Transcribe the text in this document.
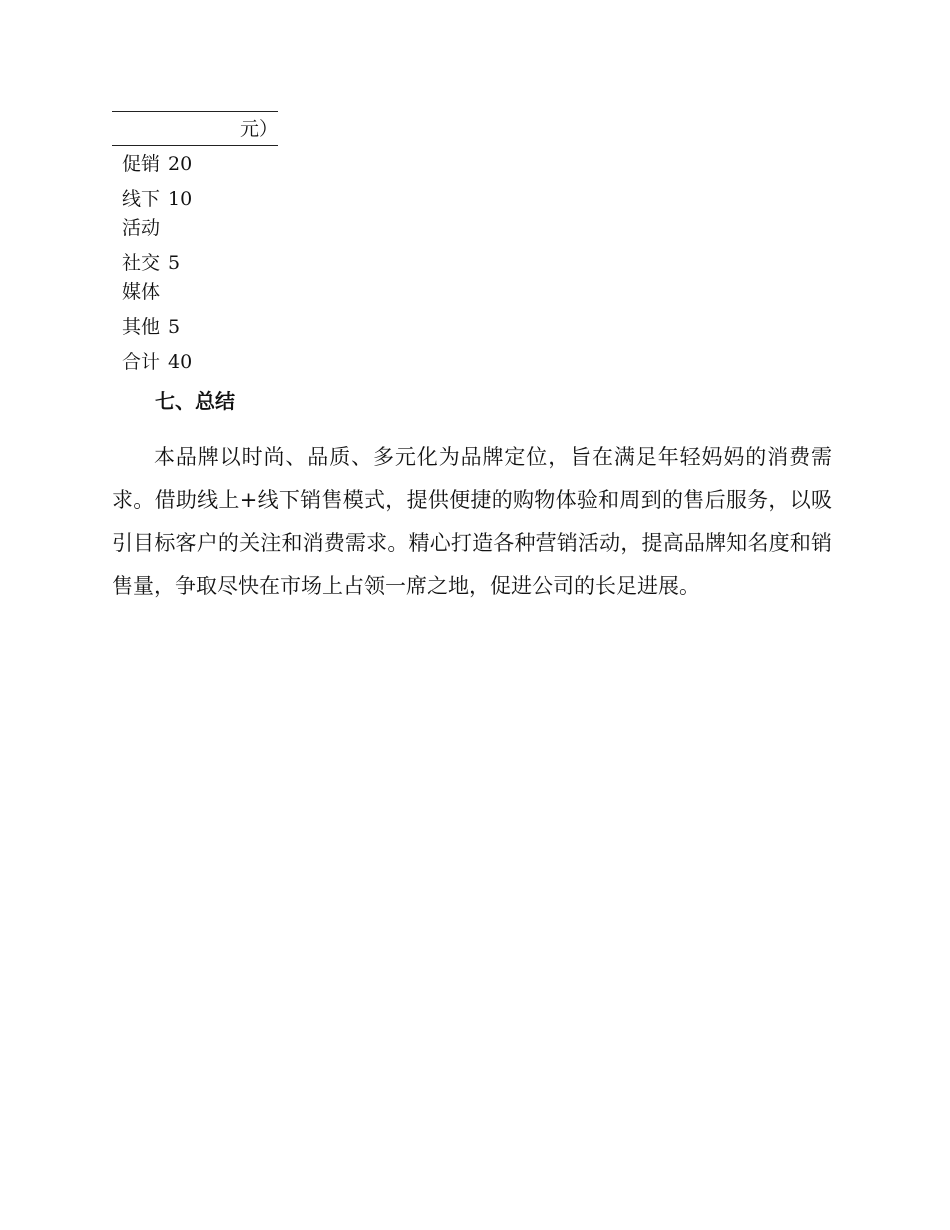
	元）

促销	20

线下活动	10

社交媒体	5

其他	5

合计	40
七、总结

本品牌以时尚、品质、多元化为品牌定位，旨在满足年轻妈妈的消费需求。借助线上+线下销售模式，提供便捷的购物体验和周到的售后服务，以吸引目标客户的关注和消费需求。精心打造各种营销活动，提高品牌知名度和销售量，争取尽快在市场上占领一席之地，促进公司的长足进展。
